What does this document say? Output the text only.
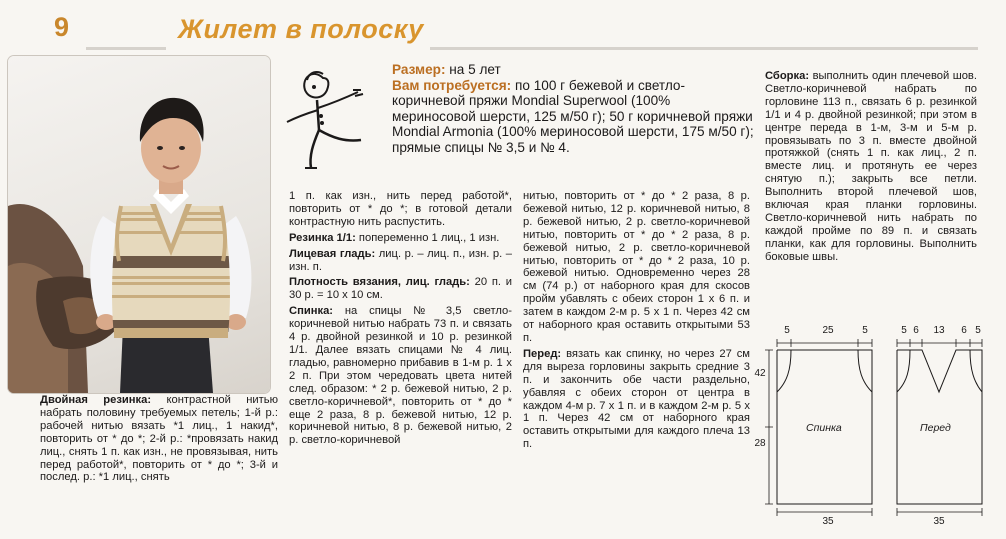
9	Жилет в полоску

Размер: на 5 лет

Вам потребуется: по 100 г бежевой и светло-коричневой пряжи Mondial Superwool (100% мериносовой шерсти, 125 м/50 г); 50 г коричневой пряжи Mondial Armonia (100% мериносовой шерсти, 175 м/50 г); прямые спицы № 3,5 и № 4.

Двойная резинка: контрастной нитью набрать половину требуемых петель; 1-й р.: рабочей нитью вязать *1 лиц., 1 накид*, повторить от * до *; 2-й р.: *провязать накид лиц., снять 1 п. как изн., не провязывая, нить перед работой*, повторить от * до *; 3-й и послед. р.: *1 лиц., снять

1 п. как изн., нить перед работой*, повторить от * до *; в готовой детали контрастную нить распустить.

Резинка 1/1: попеременно 1 лиц., 1 изн.

Лицевая гладь: лиц. р. – лиц. п., изн. р. – изн. п.

Плотность вязания, лиц. гладь: 20 п. и 30 р. = 10 х 10 см.

Спинка: на спицы № 3,5 светло-коричневой нитью набрать 73 п. и связать 4 р. двойной резинкой и 10 р. резинкой 1/1. Далее вязать спицами № 4 лиц. гладью, равномерно прибавив в 1-м р. 1 х 2 п. При этом чередовать цвета нитей след. образом: * 2 р. бежевой нитью, 2 р. светло-коричневой*, повторить от * до * еще 2 раза, 8 р. бежевой нитью, 12 р. коричневой нитью, 8 р. бежевой нитью, 2 р. светло-коричневой

нитью, повторить от * до * 2 раза, 8 р. бежевой нитью, 12 р. коричневой нитью, 8 р. бежевой нитью, 2 р. светло-коричневой нитью, повторить от * до * 2 раза, 8 р. бежевой нитью, 2 р. светло-коричневой нитью, повторить от * до * 2 раза, 10 р. бежевой нитью. Одновременно через 28 см (74 р.) от наборного края для скосов пройм убавлять с обеих сторон 1 х 6 п. и затем в каждом 2-м р. 5 х 1 п. Через 42 см от наборного края оставить открытыми 53 п.

Перед: вязать как спинку, но через 27 см для выреза горловины закрыть средние 3 п. и закончить обе части раздельно, убавляя с обеих сторон от центра в каждом 4-м р. 7 х 1 п. и в каждом 2-м р. 5 х 1 п. Через 42 см от наборного края оставить открытыми для каждого плеча 13 п.

Сборка: выполнить один плечевой шов. Светло-коричневой набрать по горловине 113 п., связать 6 р. резинкой 1/1 и 4 р. двойной резинкой; при этом в центре переда в 1-м, 3-м и 5-м р. провязывать по 3 п. вместе двойной протяжкой (снять 1 п. как лиц., 2 п. вместе лиц. и протянуть ее через снятую п.); закрыть все петли. Выполнить второй плечевой шов, включая края планки горловины. Светло-коричневой нить набрать по каждой пройме по 89 п. и связать планки, как для горловины. Выполнить боковые швы.

5	25	5	5 6	13	6 5
42
28
Спинка	Перед
35	35
